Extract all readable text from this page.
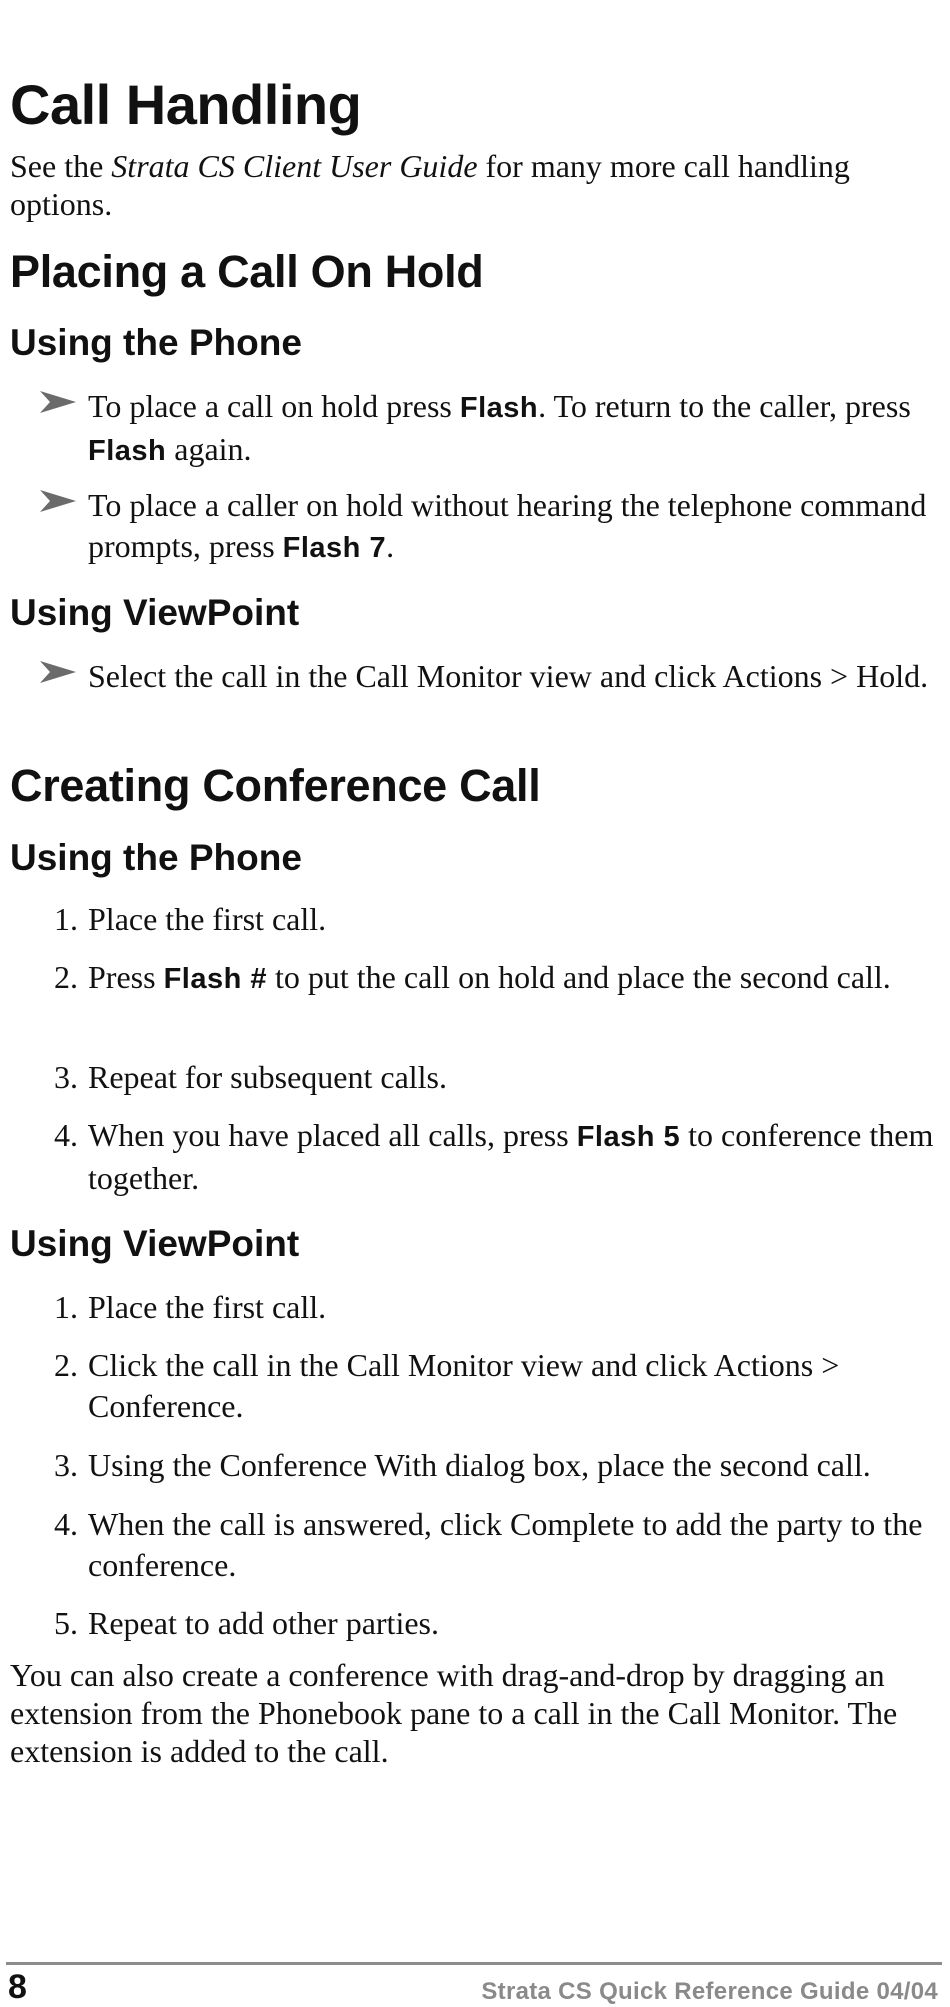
Call Handling

See the Strata CS Client User Guide for many more call handling options.

Placing a Call On Hold
Using the Phone
To place a call on hold press Flash. To return to the caller, press Flash again.
To place a caller on hold without hearing the telephone command prompts, press Flash 7.
Using ViewPoint
Select the call in the Call Monitor view and click Actions > Hold.
Creating Conference Call
Using the Phone
1. Place the first call.
2. Press Flash # to put the call on hold and place the second call.
3. Repeat for subsequent calls.
4. When you have placed all calls, press Flash 5 to conference them together.
Using ViewPoint
1. Place the first call.
2. Click the call in the Call Monitor view and click Actions > Conference.
3. Using the Conference With dialog box, place the second call.
4. When the call is answered, click Complete to add the party to the conference.
5. Repeat to add other parties.

You can also create a conference with drag-and-drop by dragging an extension from the Phonebook pane to a call in the Call Monitor. The extension is added to the call.

8	Strata CS Quick Reference Guide 04/04
